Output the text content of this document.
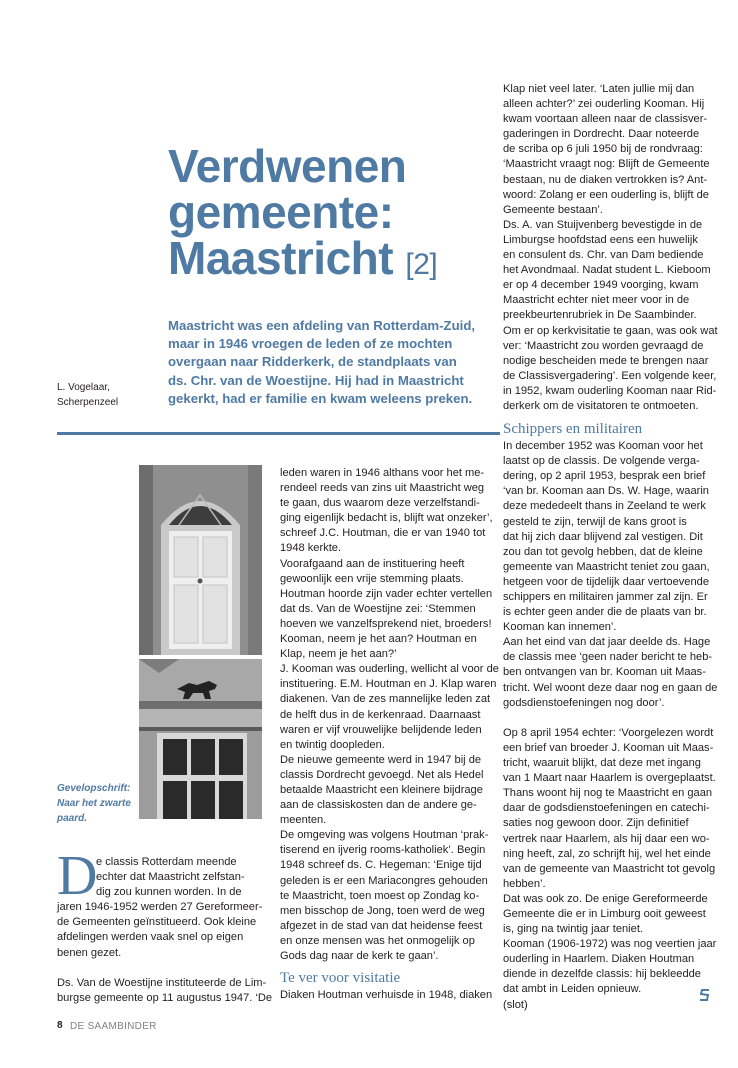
Verdwenen
gemeente:
Maastricht [2]
Maastricht was een afdeling van Rotterdam-Zuid,
maar in 1946 vroegen de leden of ze mochten
overgaan naar Ridderkerk, de standplaats van
ds. Chr. van de Woestijne. Hij had in Maastricht
gekerkt, had er familie en kwam weleens preken.
L. Vogelaar,
Scherpenzeel
Gevelopschrift:
Naar het zwarte
paard.
D
e classis Rotterdam meende
echter dat Maastricht zelfstan-
dig zou kunnen worden. In de
jaren 1946-1952 werden 27 Gereformeer-
de Gemeenten geïnstitueerd. Ook kleine
afdelingen werden vaak snel op eigen
benen gezet.
Ds. Van de Woestijne instituteerde de Lim-
burgse gemeente op 11 augustus 1947. ‘De
leden waren in 1946 althans voor het me-
rendeel reeds van zins uit Maastricht weg
te gaan, dus waarom deze verzelfstandi-
ging eigenlijk bedacht is, blijft wat onzeker’,
schreef J.C. Houtman, die er van 1940 tot
1948 kerkte.
Voorafgaand aan de instituering heeft
gewoonlijk een vrije stemming plaats.
Houtman hoorde zijn vader echter vertellen
dat ds. Van de Woestijne zei: ‘Stemmen
hoeven we vanzelfsprekend niet, broeders!
Kooman, neem je het aan? Houtman en
Klap, neem je het aan?’
J. Kooman was ouderling, wellicht al voor de
instituering. E.M. Houtman en J. Klap waren
diakenen. Van de zes mannelijke leden zat
de helft dus in de kerkenraad. Daarnaast
waren er vijf vrouwelijke belijdende leden
en twintig doopleden.
De nieuwe gemeente werd in 1947 bij de
classis Dordrecht gevoegd. Net als Hedel
betaalde Maastricht een kleinere bijdrage
aan de classiskosten dan de andere ge-
meenten.
De omgeving was volgens Houtman ‘prak-
tiserend en ijverig rooms-katholiek’. Begin
1948 schreef ds. C. Hegeman: ‘Enige tijd
geleden is er een Mariacongres gehouden
te Maastricht, toen moest op Zondag ko-
men bisschop de Jong, toen werd de weg
afgezet in de stad van dat heidense feest
en onze mensen was het onmogelijk op
Gods dag naar de kerk te gaan’.
Te ver voor visitatie
Diaken Houtman verhuisde in 1948, diaken
Klap niet veel later. ‘Laten jullie mij dan
alleen achter?’ zei ouderling Kooman. Hij
kwam voortaan alleen naar de classisver-
gaderingen in Dordrecht. Daar noteerde
de scriba op 6 juli 1950 bij de rondvraag:
‘Maastricht vraagt nog: Blijft de Gemeente
bestaan, nu de diaken vertrokken is? Ant-
woord: Zolang er een ouderling is, blijft de
Gemeente bestaan’.
Ds. A. van Stuijvenberg bevestigde in de
Limburgse hoofdstad eens een huwelijk
en consulent ds. Chr. van Dam bediende
het Avondmaal. Nadat student L. Kieboom
er op 4 december 1949 voorging, kwam
Maastricht echter niet meer voor in de
preekbeurtenrubriek in De Saambinder.
Om er op kerkvisitatie te gaan, was ook wat
ver: ‘Maastricht zou worden gevraagd de
nodige bescheiden mede te brengen naar
de Classisvergadering’. Een volgende keer,
in 1952, kwam ouderling Kooman naar Rid-
derkerk om de visitatoren te ontmoeten.
Schippers en militairen
In december 1952 was Kooman voor het
laatst op de classis. De volgende verga-
dering, op 2 april 1953, besprak een brief
‘van br. Kooman aan Ds. W. Hage, waarin
deze mededeelt thans in Zeeland te werk
gesteld te zijn, terwijl de kans groot is
dat hij zich daar blijvend zal vestigen. Dit
zou dan tot gevolg hebben, dat de kleine
gemeente van Maastricht teniet zou gaan,
hetgeen voor de tijdelijk daar vertoevende
schippers en militairen jammer zal zijn. Er
is echter geen ander die de plaats van br.
Kooman kan innemen’.
Aan het eind van dat jaar deelde ds. Hage
de classis mee ‘geen nader bericht te heb-
ben ontvangen van br. Kooman uit Maas-
tricht. Wel woont deze daar nog en gaan de
godsdienstoefeningen nog door’.
Op 8 april 1954 echter: ‘Voorgelezen wordt
een brief van broeder J. Kooman uit Maas-
tricht, waaruit blijkt, dat deze met ingang
van 1 Maart naar Haarlem is overgeplaatst.
Thans woont hij nog te Maastricht en gaan
daar de godsdienstoefeningen en catechi-
saties nog gewoon door. Zijn definitief
vertrek naar Haarlem, als hij daar een wo-
ning heeft, zal, zo schrijft hij, wel het einde
van de gemeente van Maastricht tot gevolg
hebben’.
Dat was ook zo. De enige Gereformeerde
Gemeente die er in Limburg ooit geweest
is, ging na twintig jaar teniet.
Kooman (1906-1972) was nog veertien jaar
ouderling in Haarlem. Diaken Houtman
diende in dezelfde classis: hij bekleedde
dat ambt in Leiden opnieuw.
(slot)
8 DE SAAMBINDER
